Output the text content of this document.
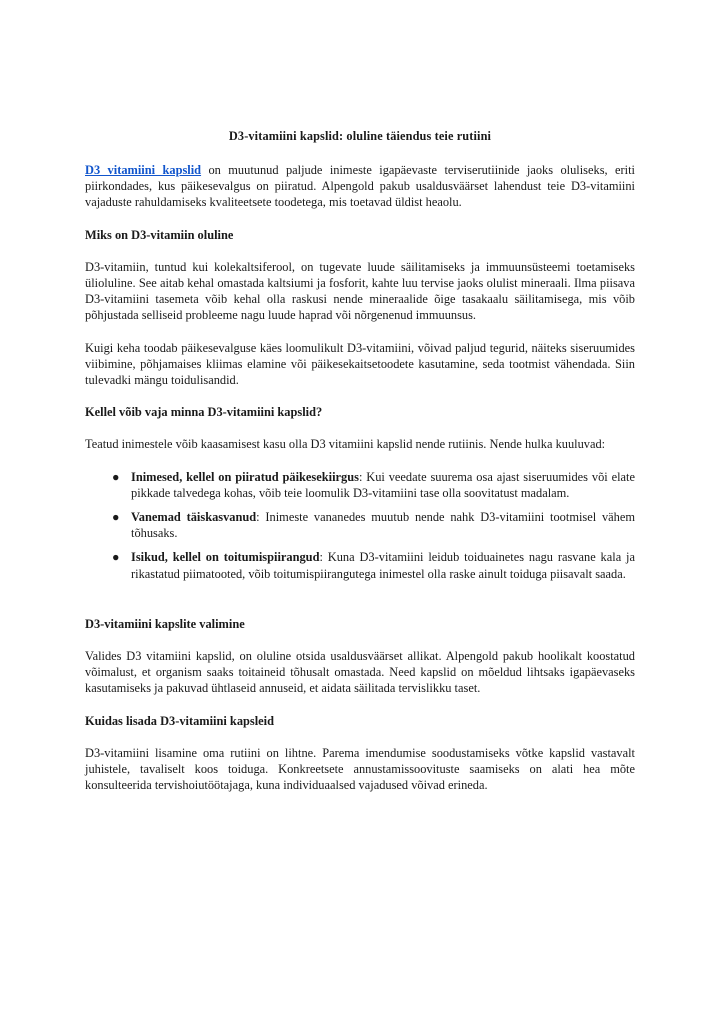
D3-vitamiini kapslid: oluline täiendus teie rutiini

D3 vitamiini kapslid on muutunud paljude inimeste igapäevaste terviserutiinide jaoks oluliseks, eriti piirkondades, kus päikesevalgus on piiratud. Alpengold pakub usaldusväärset lahendust teie D3-vitamiini vajaduste rahuldamiseks kvaliteetsete toodetega, mis toetavad üldist heaolu.

Miks on D3-vitamiin oluline

D3-vitamiin, tuntud kui kolekaltsiferool, on tugevate luude säilitamiseks ja immuunsüsteemi toetamiseks ülioluline. See aitab kehal omastada kaltsiumi ja fosforit, kahte luu tervise jaoks olulist mineraali. Ilma piisava D3-vitamiini tasemeta võib kehal olla raskusi nende mineraalide õige tasakaalu säilitamisega, mis võib põhjustada selliseid probleeme nagu luude haprad või nõrgenenud immuunsus.

Kuigi keha toodab päikesevalguse käes loomulikult D3-vitamiini, võivad paljud tegurid, näiteks siseruumides viibimine, põhjamaises kliimas elamine või päikesekaitsetoodete kasutamine, seda tootmist vähendada. Siin tulevadki mängu toidulisandid.

Kellel võib vaja minna D3-vitamiini kapslid?

Teatud inimestele võib kaasamisest kasu olla D3 vitamiini kapslid nende rutiinis. Nende hulka kuuluvad:

● Inimesed, kellel on piiratud päikesekiirgus: Kui veedate suurema osa ajast siseruumides või elate pikkade talvedega kohas, võib teie loomulik D3-vitamiini tase olla soovitatust madalam.
● Vanemad täiskasvanud: Inimeste vananedes muutub nende nahk D3-vitamiini tootmisel vähem tõhusaks.
● Isikud, kellel on toitumispiirangud: Kuna D3-vitamiini leidub toiduainetes nagu rasvane kala ja rikastatud piimatooted, võib toitumispiirangutega inimestel olla raske ainult toiduga piisavalt saada.
D3-vitamiini kapslite valimine

Valides D3 vitamiini kapslid, on oluline otsida usaldusväärset allikat. Alpengold pakub hoolikalt koostatud võimalust, et organism saaks toitaineid tõhusalt omastada. Need kapslid on mõeldud lihtsaks igapäevaseks kasutamiseks ja pakuvad ühtlaseid annuseid, et aidata säilitada tervislikku taset.

Kuidas lisada D3-vitamiini kapsleid

D3-vitamiini lisamine oma rutiini on lihtne. Parema imendumise soodustamiseks võtke kapslid vastavalt juhistele, tavaliselt koos toiduga. Konkreetsete annustamissoovituste saamiseks on alati hea mõte konsulteerida tervishoiutöötajaga, kuna individuaalsed vajadused võivad erineda.
